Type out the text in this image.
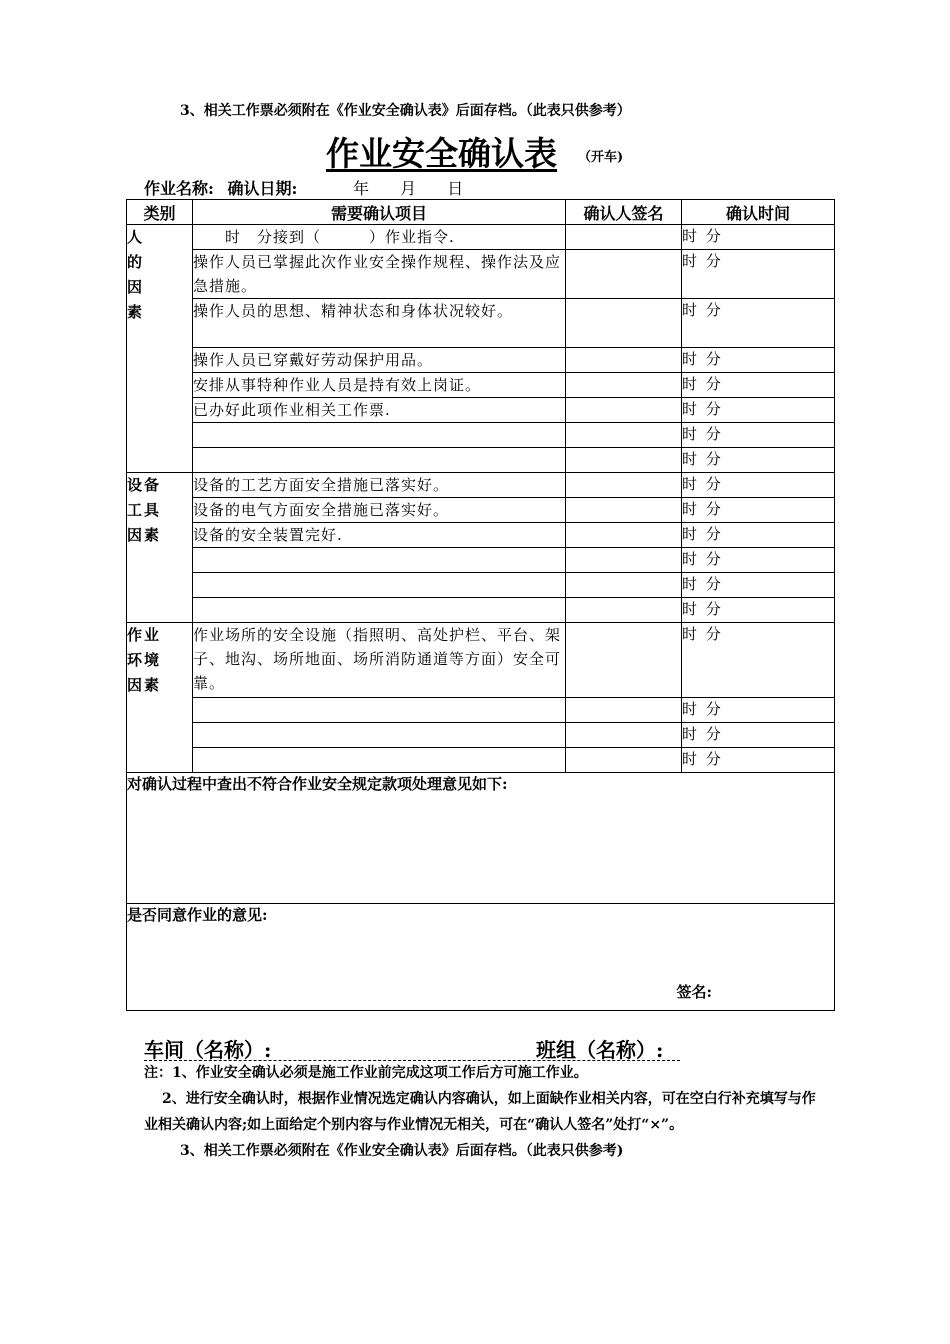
3、相关工作票必须附在《作业安全确认表》后面存档。（此表只供参考）
作业安全确认表 （开车)
作业名称: 确认日期:	年 月 日
类别	需要确认项目	确认人签名	确认时间

人的因素	　　时　分接到（　　　）作业指令.		时 分
	操作人员已掌握此次作业安全操作规程、操作法及应急措施。		时 分
	操作人员的思想、精神状态和身体状况较好。		时 分
	操作人员已穿戴好劳动保护用品。		时 分
	安排从事特种作业人员是持有效上岗证。		时 分
	已办好此项作业相关工作票.		时 分
			时 分
			时 分

设备工具因素	设备的工艺方面安全措施已落实好。		时 分
	设备的电气方面安全措施已落实好。		时 分
	设备的安全装置完好.		时 分
			时 分
			时 分
			时 分

作业环境因素	作业场所的安全设施（指照明、高处护栏、平台、架子、地沟、场所地面、场所消防通道等方面）安全可靠。		时 分
			时 分
			时 分
			时 分
对确认过程中查出不符合作业安全规定款项处理意见如下:			
是否同意作业的意见:
签名:			
车间（名称）:	班组（名称）:

注：1、作业安全确认必须是施工作业前完成这项工作后方可施工作业。

2、进行安全确认时，根据作业情况选定确认内容确认，如上面缺作业相关内容，可在空白行补充填写与作业相关确认内容;如上面给定个别内容与作业情况无相关，可在“确认人签名”处打“×”。

3、相关工作票必须附在《作业安全确认表》后面存档。（此表只供参考)
